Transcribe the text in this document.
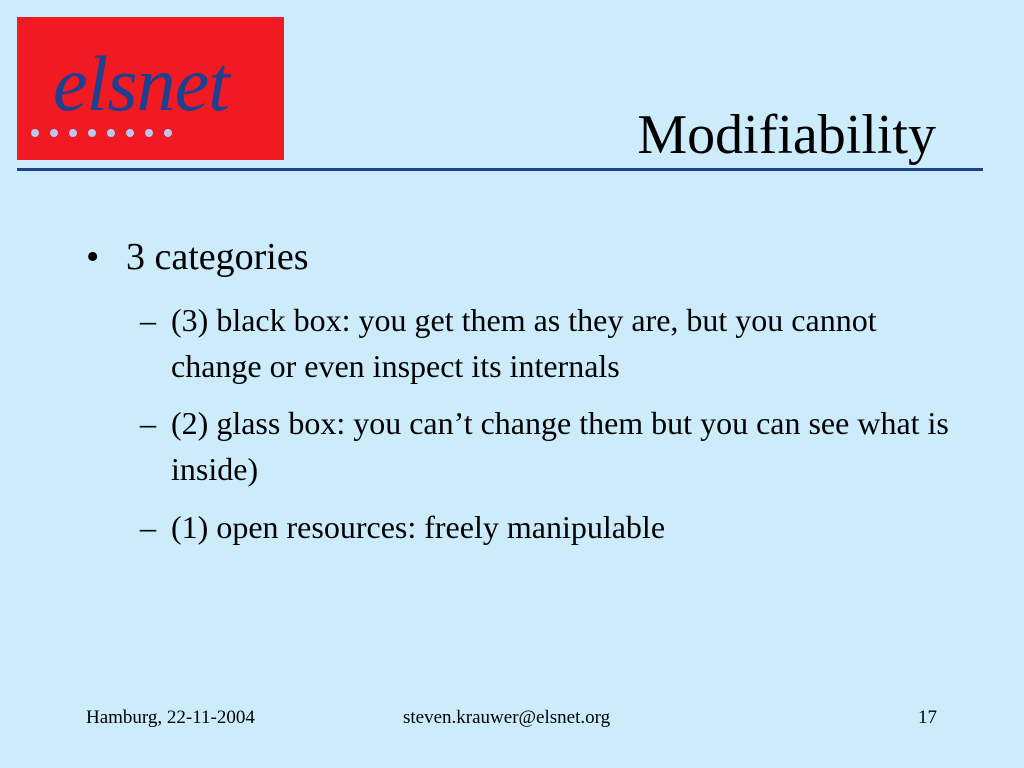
elsnet
Modifiability
• 3 categories
– (3) black box: you get them as they are, but you cannot change or even inspect its internals
– (2) glass box: you can’t change them but you can see what is inside)
– (1) open resources: freely manipulable
Hamburg, 22-11-2004	steven.krauwer@elsnet.org	17
